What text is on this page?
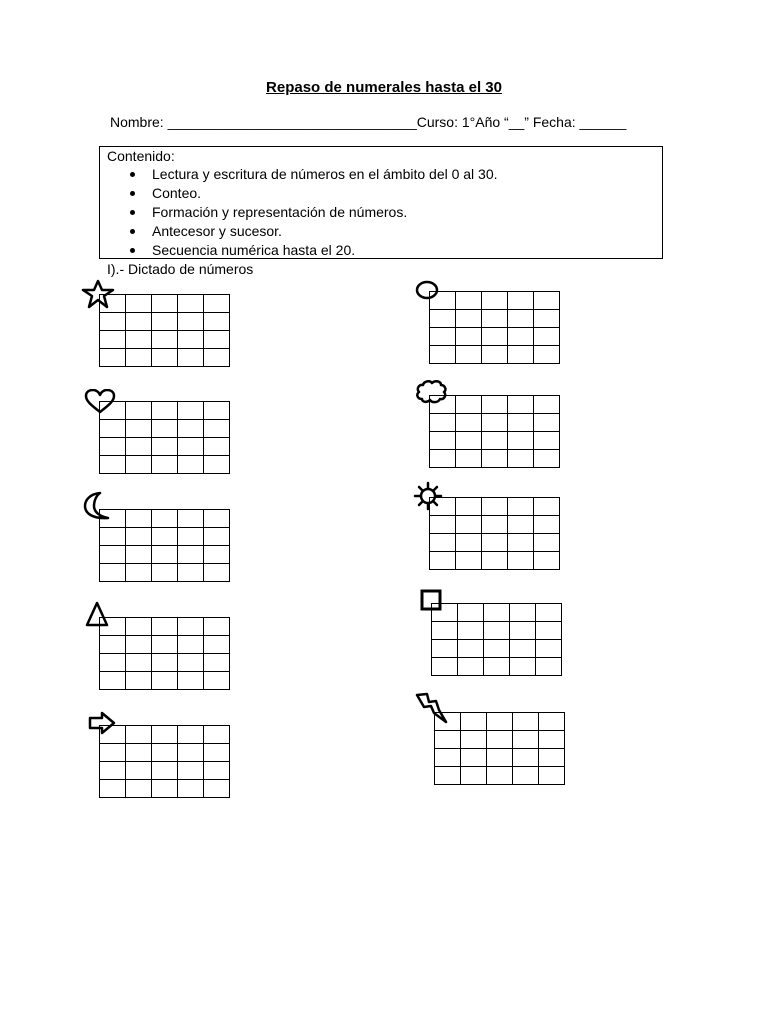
Repaso de numerales hasta el 30
Nombre: ________________________________Curso: 1°Año “__” Fecha: ______
Contenido:
Lectura y escritura de números en el ámbito del 0 al 30.
Conteo.
Formación y representación de números.
Antecesor y sucesor.
Secuencia numérica hasta el 20.
I).- Dictado de números
